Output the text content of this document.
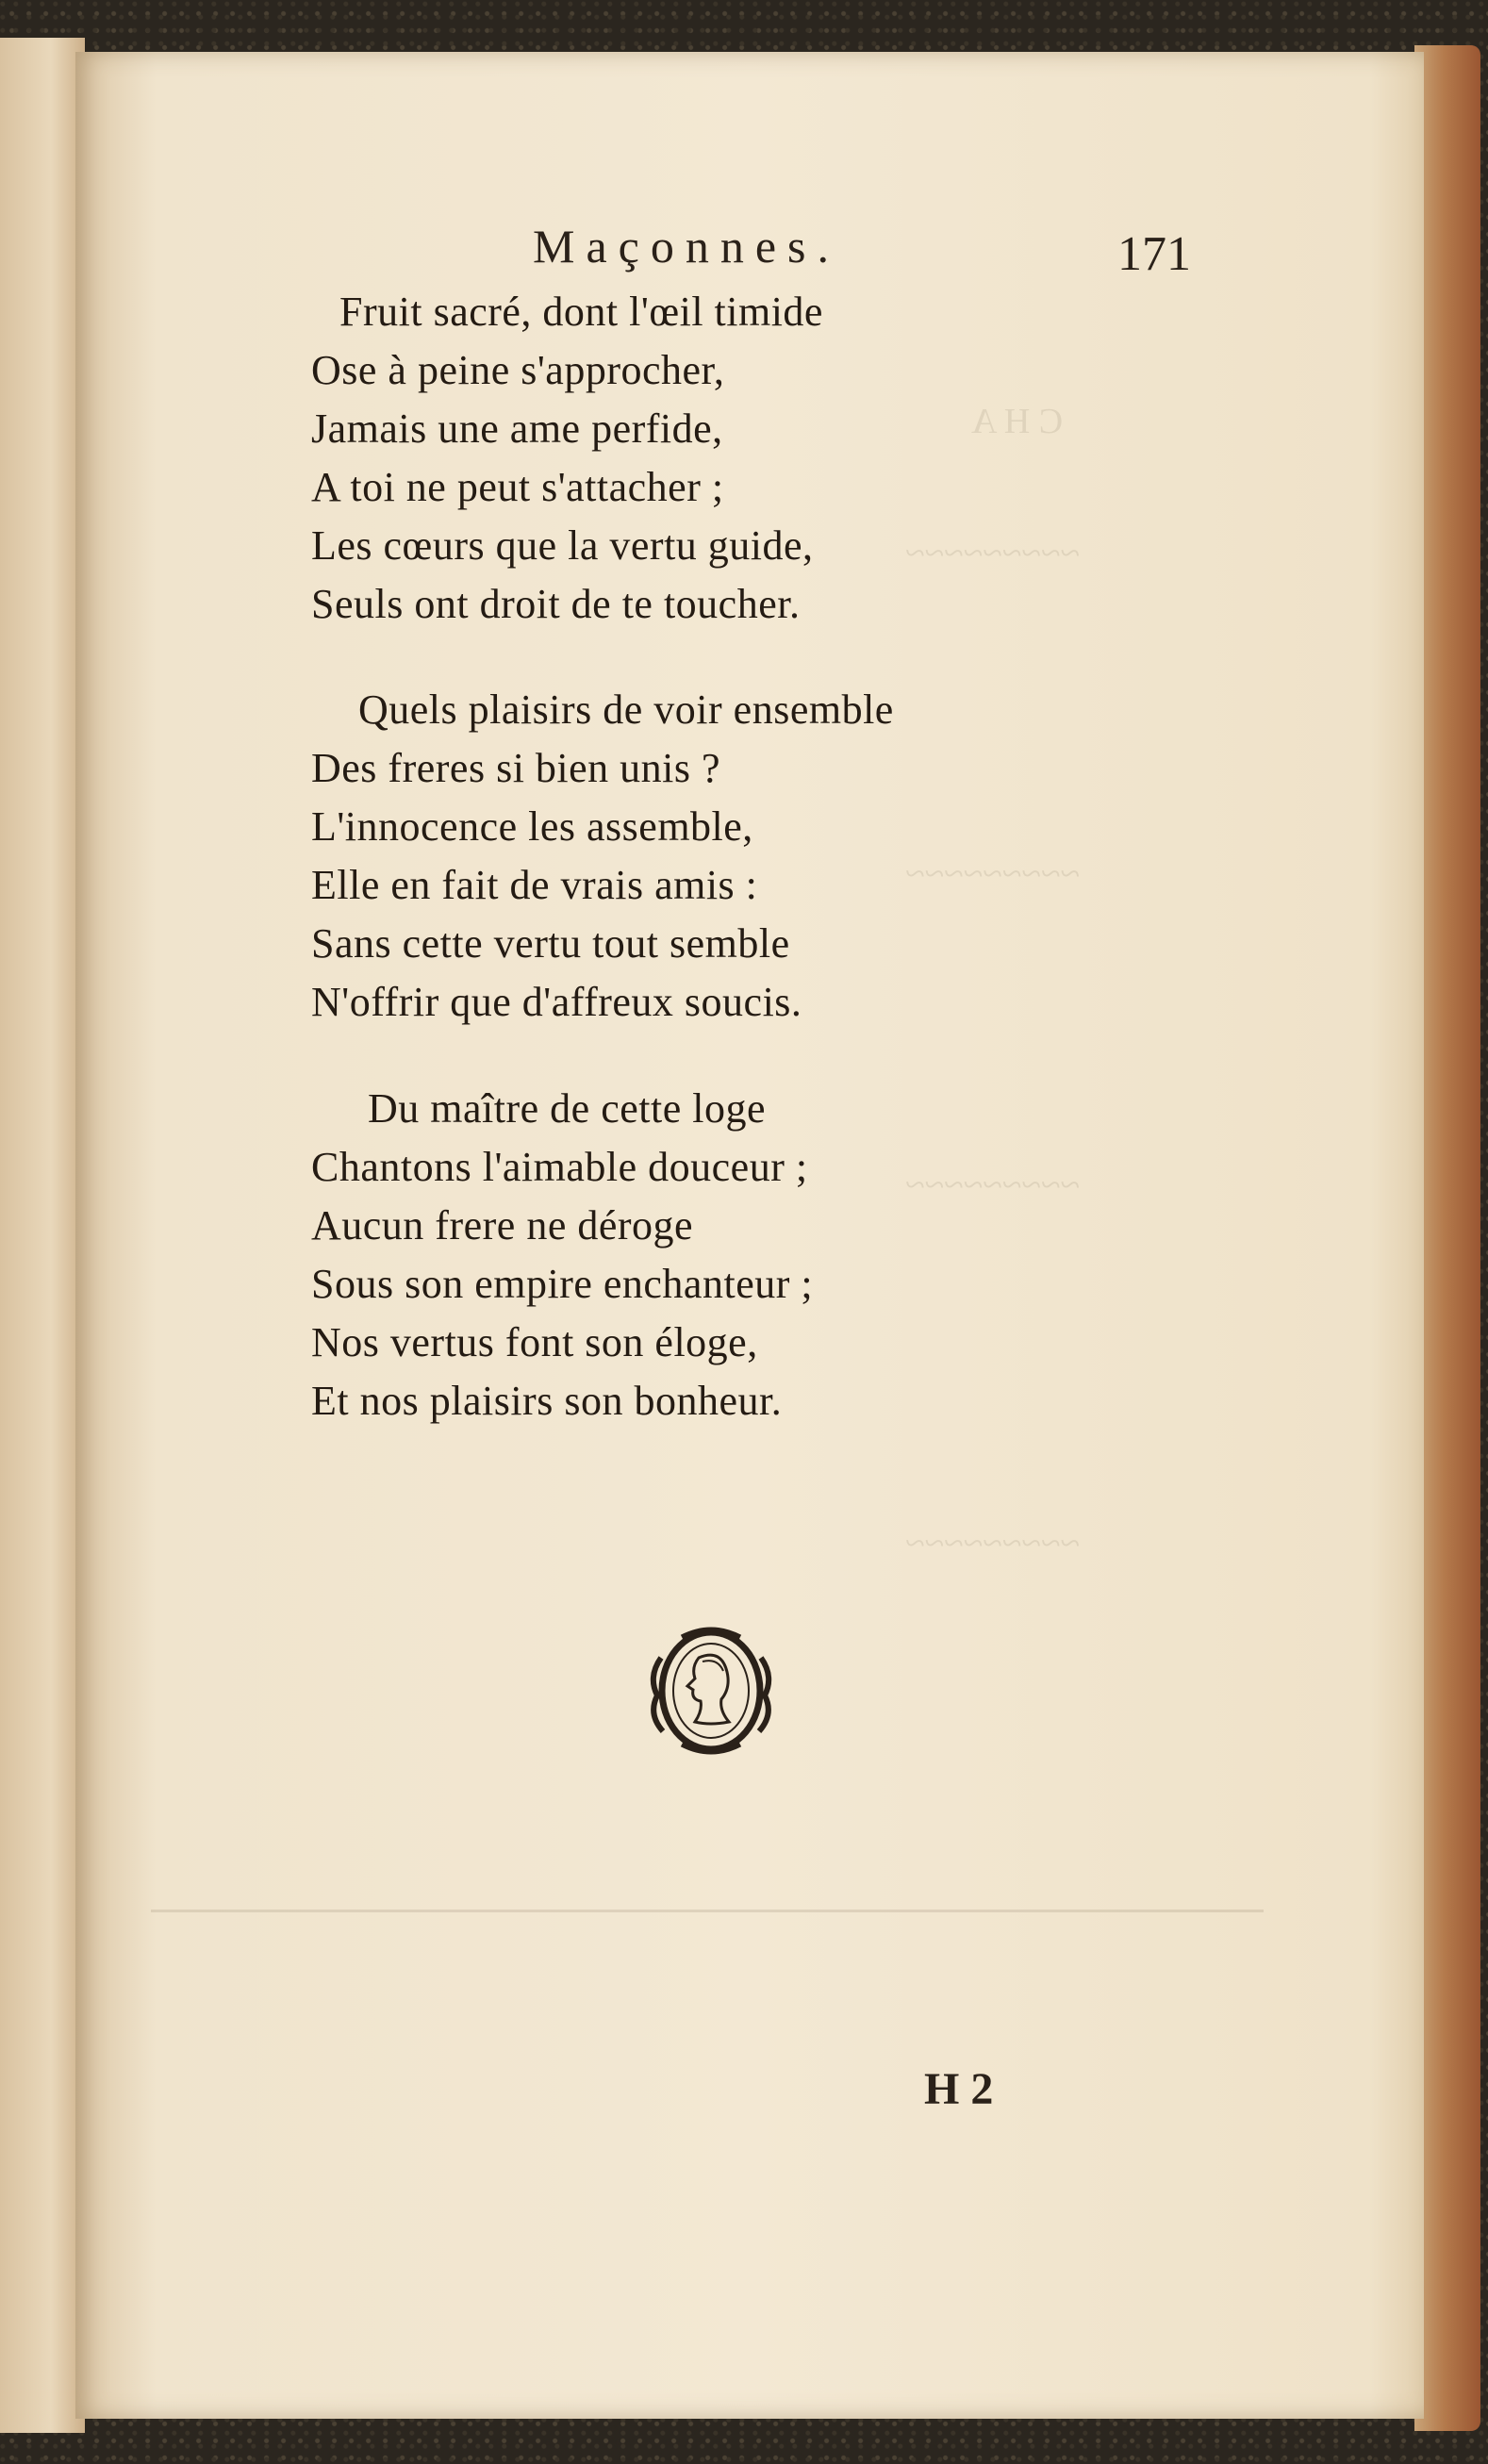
C H A
~~~~~~~~~
~~~~~~~~~
~~~~~~~~~
~~~~~~~~~
Maçonnes.	171
Fruit sacré, dont l'œil timide
Ose à peine s'approcher,
Jamais une ame perfide,
A toi ne peut s'attacher ;
Les cœurs que la vertu guide,
Seuls ont droit de te toucher.
Quels plaisirs de voir ensemble
Des freres si bien unis ?
L'innocence les assemble,
Elle en fait de vrais amis :
Sans cette vertu tout semble
N'offrir que d'affreux soucis.
Du maître de cette loge
Chantons l'aimable douceur ;
Aucun frere ne déroge
Sous son empire enchanteur ;
Nos vertus font son éloge,
Et nos plaisirs son bonheur.
H 2
